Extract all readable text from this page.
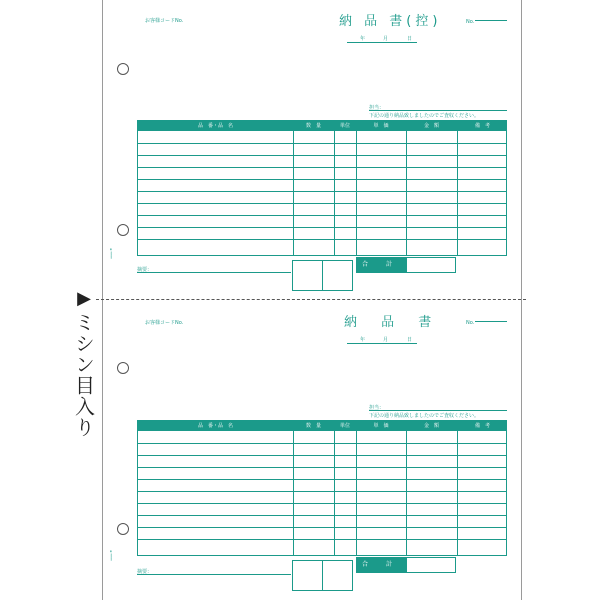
▶
ミシン目入り
⊕ ━━━━
お客様コードNo.	納 品 書(控)	No.
年	月	日
担当：
下記の通り納品致しましたのでご査収ください。
品　番・品　名	数　量	単位	単　価	金　額	備　考
摘要：
合 計
⊕ ━━━━
お客様コードNo.	納 品 書	No.
年	月	日
担当：
下記の通り納品致しましたのでご査収ください。
品　番・品　名	数　量	単位	単　価	金　額	備　考
摘要：
合 計
